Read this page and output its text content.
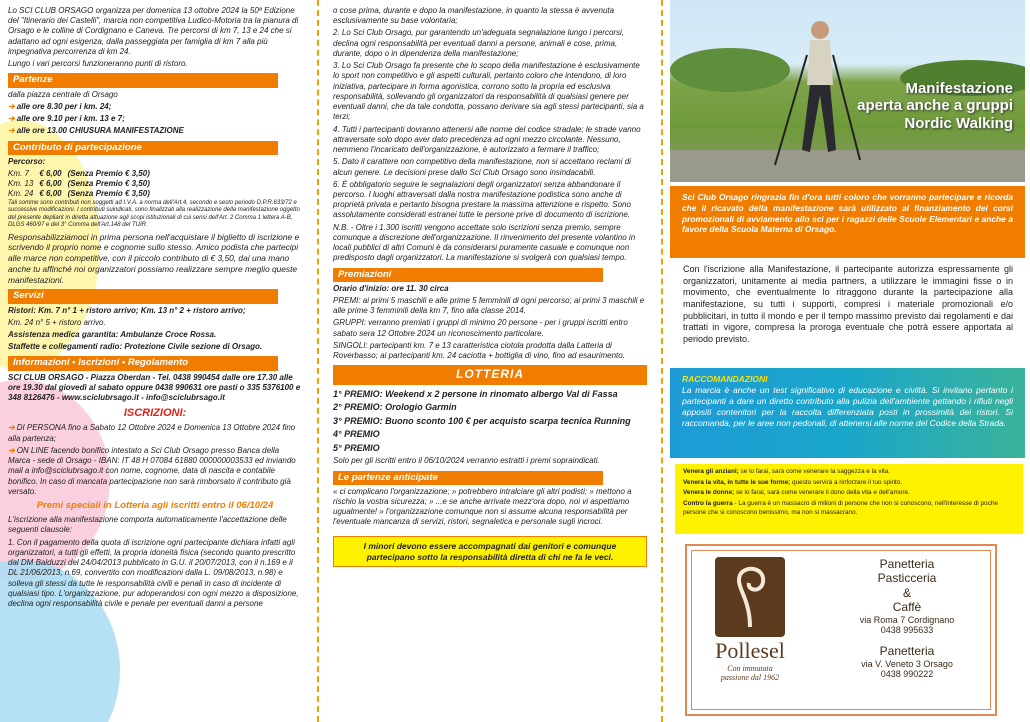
Lo SCI CLUB ORSAGO organizza per domenica 13 ottobre 2024 la 50ª Edizione del "Itinerario dei Castelli", marcia non competitiva Ludico-Motoria tra la pianura di Orsago e le colline di Cordignano e Caneva. Tre percorsi di km 7, 13 e 24 che si adattano ad ogni esigenza, dalla passeggiata per famiglia di km 7 alla più impegnativa percorrenza di km 24.

Lungo i vari percorsi funzioneranno punti di ristoro.

Partenze

dalla piazza centrale di Orsago

➔ alle ore 8.30 per i km. 24;

➔ alle ore 9.10 per i km. 13 e 7;

➔ alle ore 13.00 CHIUSURA MANIFESTAZIONE

Contributo di partecipazione

Percorso:

Km. 7	€ 6,00	(Senza Premio € 3,50)
Km. 13	€ 6,00	(Senza Premio € 3,50)
Km. 24	€ 6,00	(Senza Premio € 3,50)

Tali somme sono contributi non soggetti ad I.V.A. a norma dell'Art.4, secondo e sesto periodo D.P.R.633/72 e successive modificazioni. I contributi suindicati, sono finalizzati alla realizzazione della manifestazione oggetto del presente depliant in diretta attuazione agli scopi istituzionali di cui sensi dell'Art. 2 Comma 1 lettera A-B, DLGS 460/97 e del 3° Comma dell'Art.148 del TUIR.

Responsabilizziamoci in prima persona nell'acquistare il biglietto di iscrizione e scrivendo il proprio nome e cognome sullo stesso. Amico podista che partecipi alle marce non competitive, con il piccolo contributo di € 3,50, dai una mano anche tu affinché noi organizzatori possiamo realizzare sempre meglio queste manifestazioni.

Servizi

Ristori: Km. 7 n° 1 + ristoro arrivo; Km. 13 n° 2 + ristoro arrivo;

Km. 24 n° 5 + ristoro arrivo.

Assistenza medica garantita: Ambulanze Croce Rossa.

Staffette e collegamenti radio: Protezione Civile sezione di Orsago.

Informazioni • Iscrizioni • Regolamento

SCI CLUB ORSAGO - Piazza Oberdan - Tel. 0438 990454 dalle ore 17.30 alle ore 19.30 dal giovedì al sabato oppure 0438 990631 ore pasti o 335 5376100 e 348 8126476 - www.sciclubrsago.it - info@sciclubrsago.it

ISCRIZIONI:

➔ DI PERSONA fino a Sabato 12 Ottobre 2024 e Domenica 13 Ottobre 2024 fino alla partenza;

➔ ON LINE facendo bonifico intestato a Sci Club Orsago presso Banca della Marca - sede di Orsago - IBAN: IT 48 H 07084 61880 000000003533 ed inviando mail a info@sciclubrsago.it con nome, cognome, data di nascita e contabile bonifico. In caso di mancata partecipazione non sarà rimborsato il contributo già versato.

Premi speciali in Lotteria agli iscritti entro il 06/10/24

L'iscrizione alla manifestazione comporta automaticamente l'accettazione delle seguenti clausole:

1. Con il pagamento della quota di iscrizione ogni partecipante dichiara infatti agli organizzatori, a tutti gli effetti, la propria idoneità fisica (secondo quanto prescritto dal DM Balduzzi del 24/04/2013 pubblicato in G.U. il 20/07/2013, con il n.169 e il DL 21/06/2013, n.69, convertito con modificazioni dalla L. 09/08/2013, n.98) e solleva gli stessi da tutte le responsabilità civili e penali in caso di incidente di qualsiasi tipo. L'organizzazione, pur adoperandosi con ogni mezzo a disposizione, declina ogni responsabilità civile e penale per eventuali danni a persone

o cose prima, durante e dopo la manifestazione, in quanto la stessa è avvenuta esclusivamente su base volontaria;

2. Lo Sci Club Orsago, pur garantendo un'adeguata segnalazione lungo i percorsi, declina ogni responsabilità per eventuali danni a persone, animali e cose, prima, durante, dopo o in dipendenza della manifestazione;

3. Lo Sci Club Orsago fa presente che lo scopo della manifestazione è esclusivamente lo sport non competitivo e gli aspetti culturali, pertanto coloro che intendono, di loro iniziativa, partecipare in forma agonistica, corrono sotto la propria ed esclusiva responsabilità, sollevando gli organizzatori da responsabilità di qualsiasi genere per eventuali danni, che da tale condotta, possano derivare sia agli stessi partecipanti, sia a terzi;

4. Tutti i partecipanti dovranno attenersi alle norme del codice stradale; le strade vanno attraversate solo dopo aver dato precedenza ad ogni mezzo circolante. Nessuno, nemmeno l'incaricato dell'organizzazione, è autorizzato a fermare il traffico;

5. Dato il carattere non competitivo della manifestazione, non si accettano reclami di alcun genere. Le decisioni prese dallo Sci Club Orsago sono insindacabili.

6. È obbligatorio seguire le segnalazioni degli organizzatori senza abbandonare il percorso. I luoghi attraversati dalla nostra manifestazione podistica sono anche di proprietà privata e pertanto bisogna prestare la massima attenzione e rispetto. Sono assolutamente considerati estranei tutte le persone prive di documento di iscrizione.

N.B. - Oltre i 1.300 iscritti vengono accettate solo iscrizioni senza premio, sempre comunque a discrezione dell'organizzazione. Il rinvenimento del presente volantino in locali pubblici di altri Comuni è da considerarsi puramente casuale e comunque non predisposto dagli organizzatori. La manifestazione si svolgerà con qualsiasi tempo.

Premiazioni

Orario d'inizio: ore 11. 30 circa

PREMI: ai primi 5 maschili e alle prime 5 femminili di ogni percorso; ai primi 3 maschili e alle prime 3 femminili della km 7, fino alla classe 2014.

GRUPPI: verranno premiati i gruppi di minimo 20 persone - per i gruppi iscritti entro sabato sera 12 Ottobre 2024 un riconoscimento particolare.

SINGOLI: partecipanti km. 7 e 13 caratteristica ciotola prodotta dalla Latteria di Roverbasso; ai partecipanti km. 24 caciotta + bottiglia di vino, fino ad esaurimento.

LOTTERIA

1° PREMIO: Weekend x 2 persone in rinomato albergo Val di Fassa

2° PREMIO: Orologio Garmin

3° PREMIO: Buono sconto 100 € per acquisto scarpa tecnica Running

4° PREMIO

5° PREMIO

Solo per gli iscritti entro il 06/10/2024 verranno estratti i premi sopraindicati.

Le partenze anticipate

« ci complicano l'organizzazione; » potrebbero intralciare gli altri podisti; » mettono a rischio la vostra sicurezza; » ...e se anche arrivate mezz'ora dopo, noi vi aspettiamo ugualmente! » l'organizzazione comunque non si assume alcuna responsabilità per l'eventuale mancanza di servizi, ristori, segnaletica e personale sugli incroci.

I minori devono essere accompagnati dai genitori e comunque partecipano sotto la responsabilità diretta di chi ne fa le veci.
Manifestazione
aperta anche a gruppi
Nordic Walking
Sci Club Orsago ringrazia fin d'ora tutti coloro che vorranno partecipare e ricorda che il ricavato della manifestazione sarà utilizzato al finanziamento dei corsi promozionali di avviamento allo sci per i ragazzi delle Scuole Elementari e anche a favore della Scuola Materna di Orsago.

Con l'iscrizione alla Manifestazione, il partecipante autorizza espressamente gli organizzatori, unitamente ai media partners, a utilizzare le immagini fisse o in movimento, che eventualmente lo ritraggono durante la partecipazione alla manifestazione, su tutti i supporti, compresi i materiale promozionali e/o pubblicitari, in tutto il mondo e per il tempo massimo previsto dai regolamenti e dai trattati in vigore, compresa la proroga eventuale che potrà essere apportata al periodo previsto.

RACCOMANDAZIONI
La marcia è anche un test significativo di educazione e civiltà. Si invitano pertanto i partecipanti a dare un diretto contributo alla pulizia dell'ambiente gettando i rifiuti negli appositi contenitori per la raccolta differenziata posti in prossimità dei ristori. Si raccomanda, per le aree non pedonali, di attenersi alle norme del Codice della Strada.

Venera gli anziani; se lo farai, sarà come venerare la saggezza e la vita.

Venera la vita, in tutte le sue forme; questo servirà a rinforzare il tuo spirito.

Venera le donne; se lo farai, sarà come venerare il dono della vita e dell'amore.

Contro la guerra - La guerra è un massacro di milioni di persone che non si conoscono, nell'interesse di poche persone che si conoscono benissimo, ma non si massacrano.

Pollesel
Con immutata
passione dal 1962
Panetteria
Pasticceria
&
Caffè
via Roma 7 Cordignano
0438 995633
Panetteria
via V. Veneto 3 Orsago
0438 990222
